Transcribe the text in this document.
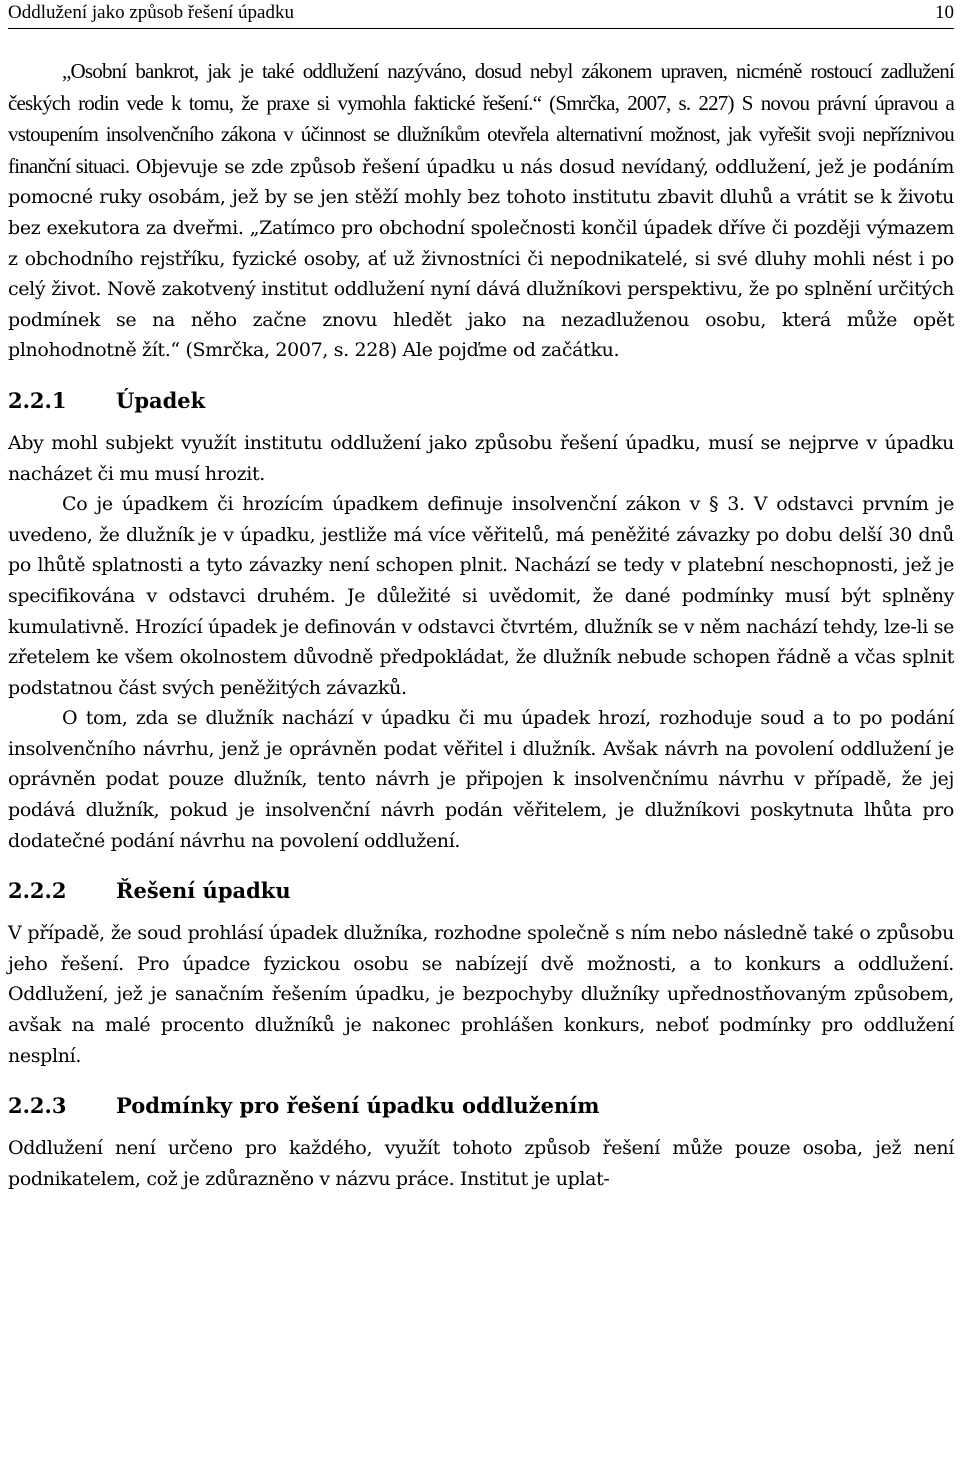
Oddlužení jako způsob řešení úpadku	10

„Osobní bankrot, jak je také oddlužení nazýváno, dosud nebyl zákonem upraven, nicméně rostoucí zadlužení českých rodin vede k tomu, že praxe si vymohla faktické řešení.“ (Smrčka, 2007, s. 227) S novou právní úpravou a vstoupením insolvenčního zákona v účinnost se dlužníkům otevřela alternativní možnost, jak vyřešit svoji nepříznivou finanční situaci. Objevuje se zde způsob řešení úpadku u nás dosud nevídaný, oddlužení, jež je podáním pomocné ruky osobám, jež by se jen stěží mohly bez tohoto institutu zbavit dluhů a vrátit se k životu bez exekutora za dveřmi. „Zatímco pro obchodní společnosti končil úpadek dříve či později výmazem z obchodního rejstříku, fyzické osoby, ať už živnostníci či nepodnikatelé, si své dluhy mohli nést i po celý život. Nově zakotvený institut oddlužení nyní dává dlužníkovi perspektivu, že po splnění určitých podmínek se na něho začne znovu hledět jako na nezadluženou osobu, která může opět plnohodnotně žít.“ (Smrčka, 2007, s. 228) Ale pojďme od začátku.

2.2.1	Úpadek

Aby mohl subjekt využít institutu oddlužení jako způsobu řešení úpadku, musí se nejprve v úpadku nacházet či mu musí hrozit.

Co je úpadkem či hrozícím úpadkem definuje insolvenční zákon v § 3. V odstavci prvním je uvedeno, že dlužník je v úpadku, jestliže má více věřitelů, má peněžité závazky po dobu delší 30 dnů po lhůtě splatnosti a tyto závazky není schopen plnit. Nachází se tedy v platební neschopnosti, jež je specifikována v odstavci druhém. Je důležité si uvědomit, že dané podmínky musí být splněny kumulativně. Hrozící úpadek je definován v odstavci čtvrtém, dlužník se v něm nachází tehdy, lze-li se zřetelem ke všem okolnostem důvodně předpokládat, že dlužník nebude schopen řádně a včas splnit podstatnou část svých peněžitých závazků.

O tom, zda se dlužník nachází v úpadku či mu úpadek hrozí, rozhoduje soud a to po podání insolvenčního návrhu, jenž je oprávněn podat věřitel i dlužník. Avšak návrh na povolení oddlužení je oprávněn podat pouze dlužník, tento návrh je připojen k insolvenčnímu návrhu v případě, že jej podává dlužník, pokud je insolvenční návrh podán věřitelem, je dlužníkovi poskytnuta lhůta pro dodatečné podání návrhu na povolení oddlužení.

2.2.2	Řešení úpadku

V případě, že soud prohlásí úpadek dlužníka, rozhodne společně s ním nebo následně také o způsobu jeho řešení. Pro úpadce fyzickou osobu se nabízejí dvě možnosti, a to konkurs a oddlužení. Oddlužení, jež je sanačním řešením úpadku, je bezpochyby dlužníky upřednostňovaným způsobem, avšak na malé procento dlužníků je nakonec prohlášen konkurs, neboť podmínky pro oddlužení nesplní.

2.2.3	Podmínky pro řešení úpadku oddlužením

Oddlužení není určeno pro každého, využít tohoto způsob řešení může pouze osoba, jež není podnikatelem, což je zdůrazněno v názvu práce. Institut je uplat-
